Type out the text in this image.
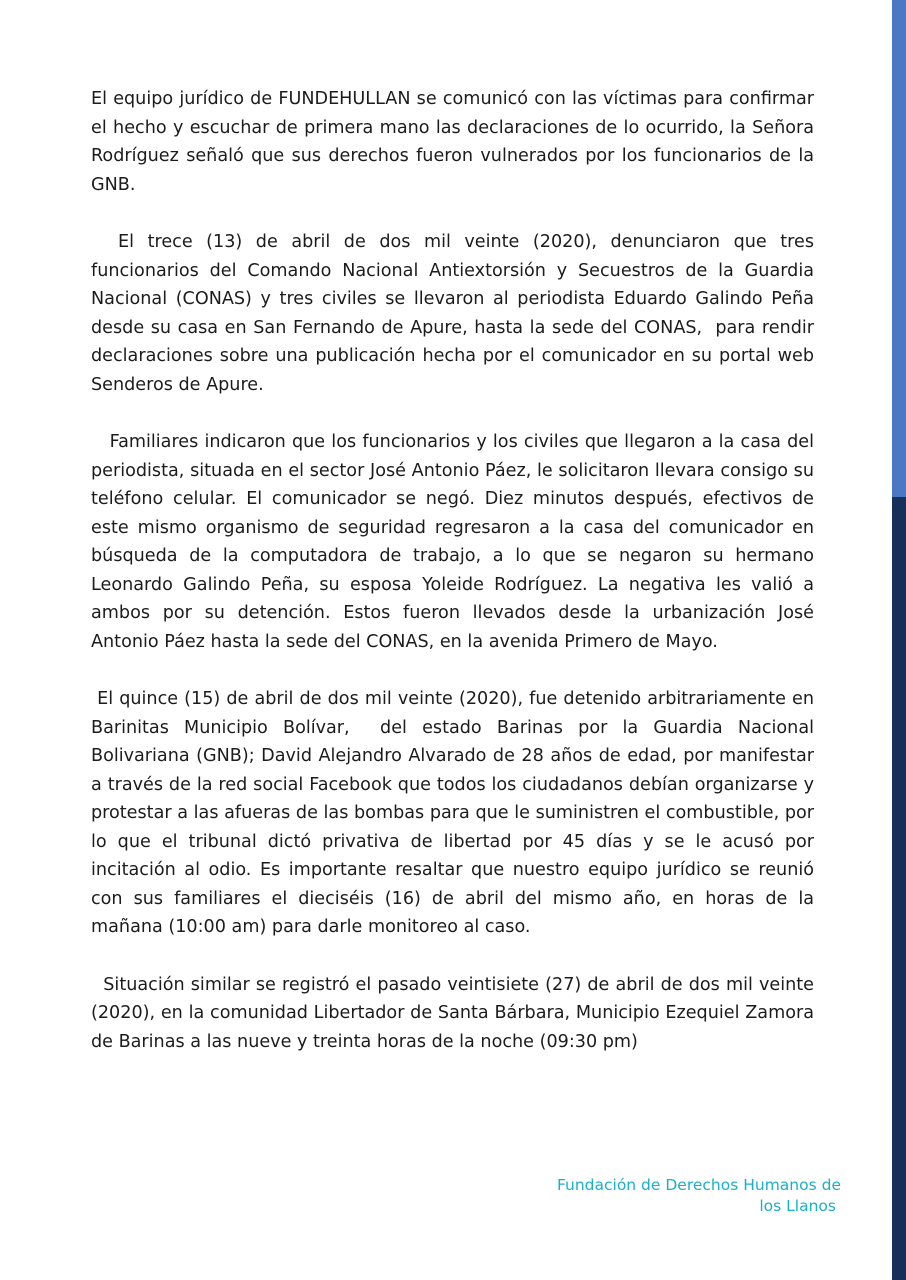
El equipo jurídico de FUNDEHULLAN se comunicó con las víctimas para confirmar el hecho y escuchar de primera mano las declaraciones de lo ocurrido, la Señora Rodríguez señaló que sus derechos fueron vulnerados por los funcionarios de la GNB.

El trece (13) de abril de dos mil veinte (2020), denunciaron que tres funcionarios del Comando Nacional Antiextorsión y Secuestros de la Guardia Nacional (CONAS) y tres civiles se llevaron al periodista Eduardo Galindo Peña desde su casa en San Fernando de Apure, hasta la sede del CONAS,  para rendir declaraciones sobre una publicación hecha por el comunicador en su portal web Senderos de Apure.

Familiares indicaron que los funcionarios y los civiles que llegaron a la casa del periodista, situada en el sector José Antonio Páez, le solicitaron llevara consigo su teléfono celular. El comunicador se negó. Diez minutos después, efectivos de este mismo organismo de seguridad regresaron a la casa del comunicador en búsqueda de la computadora de trabajo, a lo que se negaron su hermano Leonardo Galindo Peña, su esposa Yoleide Rodríguez. La negativa les valió a ambos por su detención. Estos fueron llevados desde la urbanización José Antonio Páez hasta la sede del CONAS, en la avenida Primero de Mayo.

El quince (15) de abril de dos mil veinte (2020), fue detenido arbitrariamente en Barinitas Municipio Bolívar,  del estado Barinas por la Guardia Nacional Bolivariana (GNB); David Alejandro Alvarado de 28 años de edad, por manifestar a través de la red social Facebook que todos los ciudadanos debían organizarse y protestar a las afueras de las bombas para que le suministren el combustible, por lo que el tribunal dictó privativa de libertad por 45 días y se le acusó por incitación al odio. Es importante resaltar que nuestro equipo jurídico se reunió con sus familiares el dieciséis (16) de abril del mismo año, en horas de la mañana (10:00 am) para darle monitoreo al caso.

Situación similar se registró el pasado veintisiete (27) de abril de dos mil veinte (2020), en la comunidad Libertador de Santa Bárbara, Municipio Ezequiel Zamora de Barinas a las nueve y treinta horas de la noche (09:30 pm)

Fundación de Derechos Humanos de
los Llanos
